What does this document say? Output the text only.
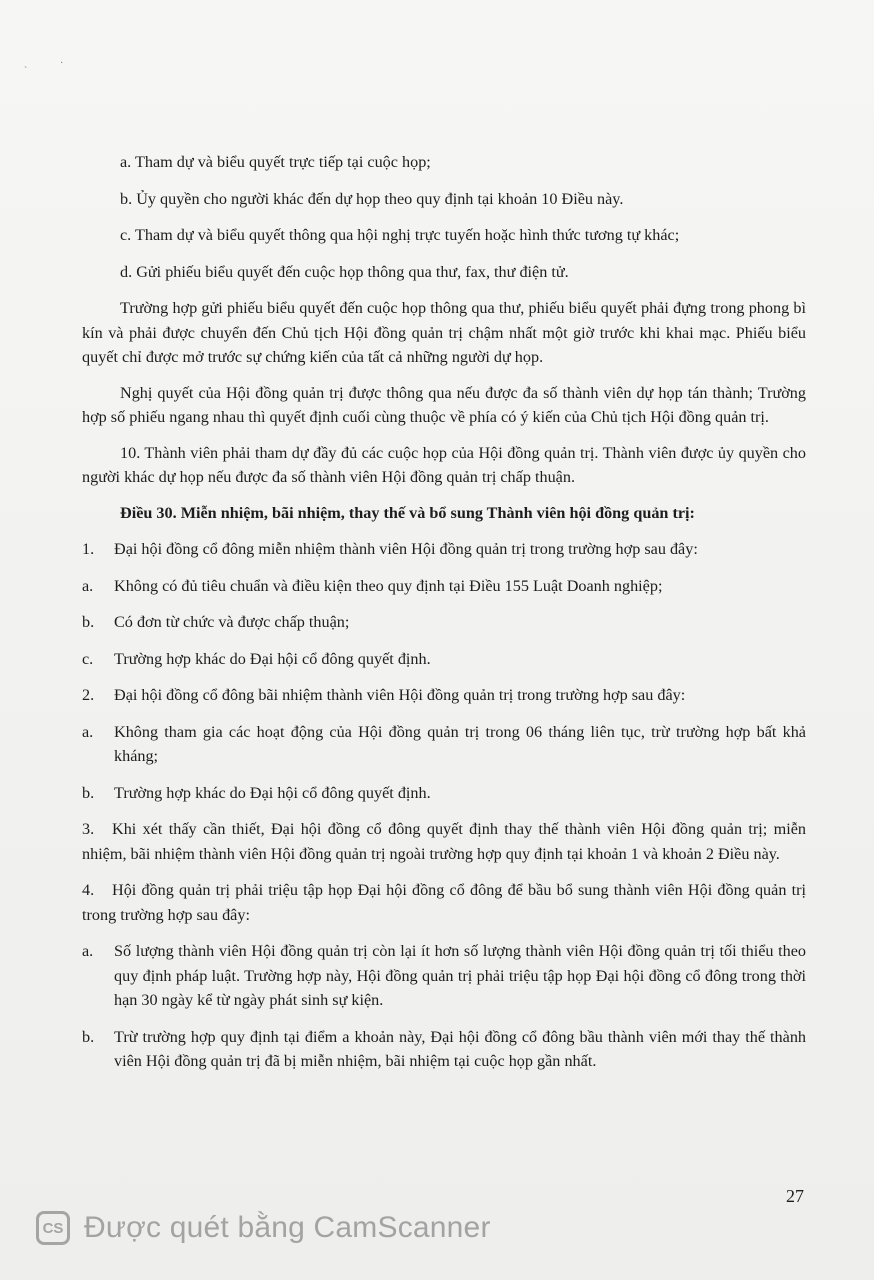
`
·

a. Tham dự và biểu quyết trực tiếp tại cuộc họp;

b. Ủy quyền cho người khác đến dự họp theo quy định tại khoản 10 Điều này.

c. Tham dự và biểu quyết thông qua hội nghị trực tuyến hoặc hình thức tương tự khác;

d. Gửi phiếu biểu quyết đến cuộc họp thông qua thư, fax, thư điện tử.

Trường hợp gửi phiếu biểu quyết đến cuộc họp thông qua thư, phiếu biểu quyết phải đựng trong phong bì kín và phải được chuyển đến Chủ tịch Hội đồng quản trị chậm nhất một giờ trước khi khai mạc. Phiếu biểu quyết chỉ được mở trước sự chứng kiến của tất cả những người dự họp.

Nghị quyết của Hội đồng quản trị được thông qua nếu được đa số thành viên dự họp tán thành; Trường hợp số phiếu ngang nhau thì quyết định cuối cùng thuộc về phía có ý kiến của Chủ tịch Hội đồng quản trị.

10. Thành viên phải tham dự đầy đủ các cuộc họp của Hội đồng quản trị. Thành viên được ủy quyền cho người khác dự họp nếu được đa số thành viên Hội đồng quản trị chấp thuận.

Điều 30. Miễn nhiệm, bãi nhiệm, thay thế và bổ sung Thành viên hội đồng quản trị:

1.	Đại hội đồng cổ đông miễn nhiệm thành viên Hội đồng quản trị trong trường hợp sau đây:
a.	Không có đủ tiêu chuẩn và điều kiện theo quy định tại Điều 155 Luật Doanh nghiệp;
b.	Có đơn từ chức và được chấp thuận;
c.	Trường hợp khác do Đại hội cổ đông quyết định.
2.	Đại hội đồng cổ đông bãi nhiệm thành viên Hội đồng quản trị trong trường hợp sau đây:
a.	Không tham gia các hoạt động của Hội đồng quản trị trong 06 tháng liên tục, trừ trường hợp bất khả kháng;
b.	Trường hợp khác do Đại hội cổ đông quyết định.

3. Khi xét thấy cần thiết, Đại hội đồng cổ đông quyết định thay thế thành viên Hội đồng quản trị; miễn nhiệm, bãi nhiệm thành viên Hội đồng quản trị ngoài trường hợp quy định tại khoản 1 và khoản 2 Điều này.

4. Hội đồng quản trị phải triệu tập họp Đại hội đồng cổ đông để bầu bổ sung thành viên Hội đồng quản trị trong trường hợp sau đây:

a.	Số lượng thành viên Hội đồng quản trị còn lại ít hơn số lượng thành viên Hội đồng quản trị tối thiểu theo quy định pháp luật. Trường hợp này, Hội đồng quản trị phải triệu tập họp Đại hội đồng cổ đông trong thời hạn 30 ngày kể từ ngày phát sinh sự kiện.
b.	Trừ trường hợp quy định tại điểm a khoản này, Đại hội đồng cổ đông bầu thành viên mới thay thế thành viên Hội đồng quản trị đã bị miễn nhiệm, bãi nhiệm tại cuộc họp gần nhất.
27
CS Được quét bằng CamScanner
